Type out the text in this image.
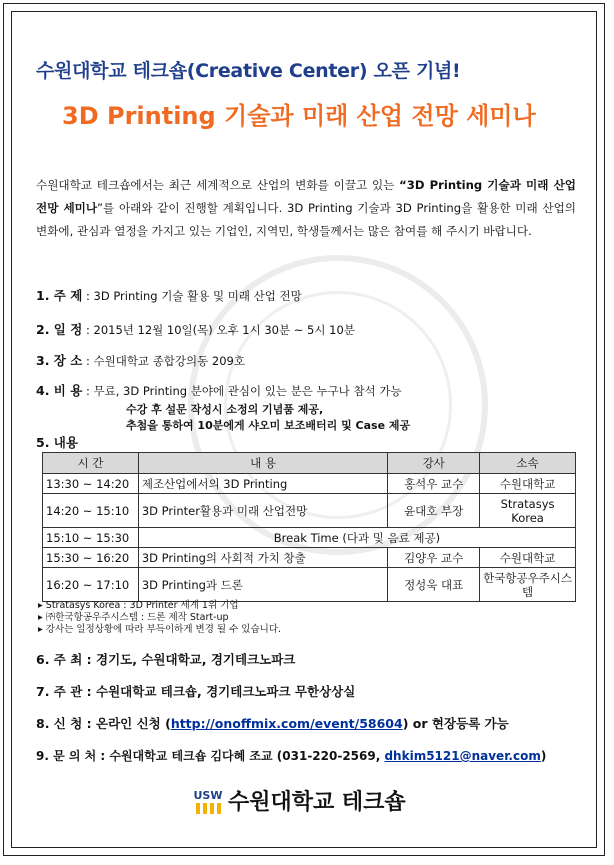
수원대학교 테크숍(Creative Center) 오픈 기념!
3D Printing 기술과 미래 산업 전망 세미나
수원대학교 테크숍에서는 최근 세계적으로 산업의 변화를 이끌고 있는 “3D Printing 기술과 미래 산업 전망 세미나”를 아래와 같이 진행할 계획입니다. 3D Printing 기술과 3D Printing을 활용한 미래 산업의 변화에, 관심과 열정을 가지고 있는 기업인, 지역민, 학생들께서는 많은 참여를 해 주시기 바랍니다.
1. 주 제 : 3D Printing 기술 활용 및 미래 산업 전망
2. 일 정 : 2015년 12월 10일(목) 오후 1시 30분 ~ 5시 10분
3. 장 소 : 수원대학교 종합강의동 209호
4. 비 용 : 무료, 3D Printing 분야에 관심이 있는 분은 누구나 참석 가능
수강 후 설문 작성시 소정의 기념품 제공,
추첨을 통하여 10분에게 샤오미 보조배터리 및 Case 제공
5. 내용
시 간	내 용	강사	소속
13:30 ~ 14:20	제조산업에서의 3D Printing	홍석우 교수	수원대학교
14:20 ~ 15:10	3D Printer활용과 미래 산업전망	윤대호 부장	Stratasys Korea
15:10 ~ 15:30	Break Time (다과 및 음료 제공)		
15:30 ~ 16:20	3D Printing의 사회적 가치 창출	김양우 교수	수원대학교
16:20 ~ 17:10	3D Printing과 드론	정성욱 대표	한국항공우주시스템
▸ Stratasys Korea : 3D Printer 세계 1위 기업
▸ ㈜한국항공우주시스템 : 드론 제작 Start-up
▸ 강사는 일정상황에 따라 부득이하게 변경 될 수 있습니다.
6. 주 최 : 경기도, 수원대학교, 경기테크노파크
7. 주 관 : 수원대학교 테크숍, 경기테크노파크 무한상상실
8. 신 청 : 온라인 신청 (http://onoffmix.com/event/58604) or 현장등록 가능
9. 문 의 처 : 수원대학교 테크숍 김다혜 조교 (031-220-2569, dhkim5121@naver.com)
USW 수원대학교 테크숍
